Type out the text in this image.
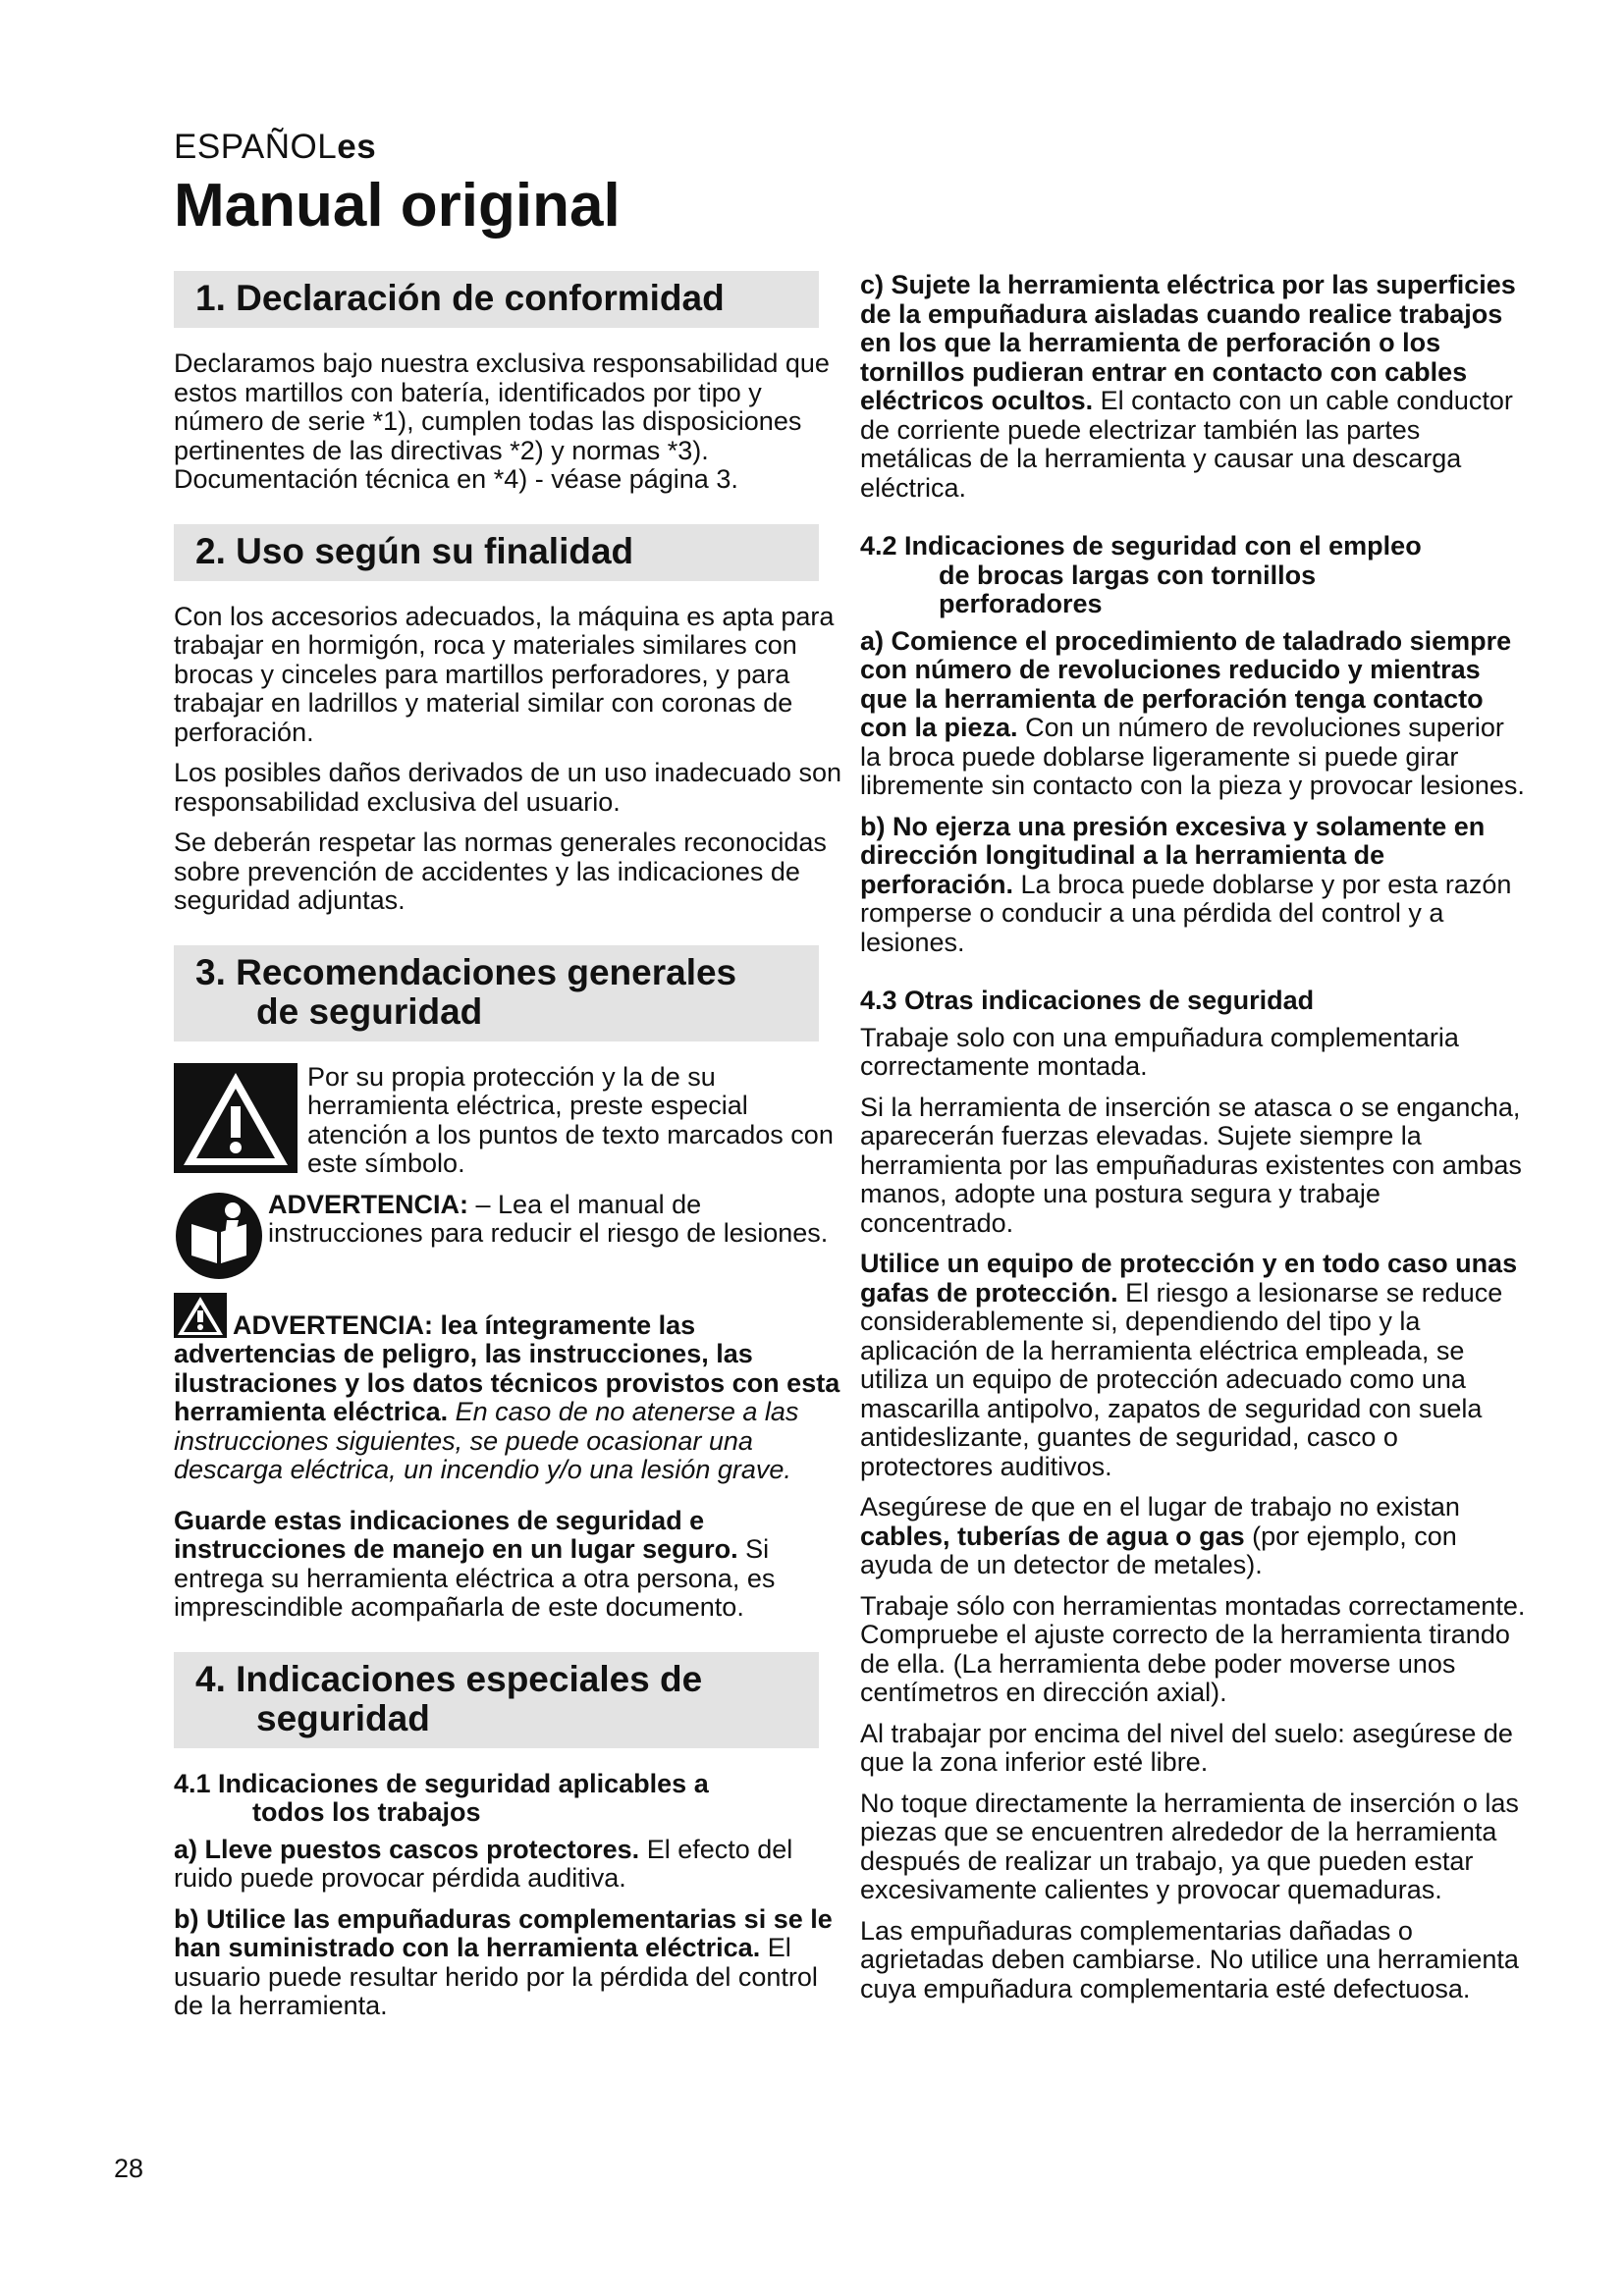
ESPAÑOLes
Manual original
1. Declaración de conformidad

Declaramos bajo nuestra exclusiva responsabilidad que estos martillos con batería, identificados por tipo y número de serie *1), cumplen todas las disposiciones pertinentes de las directivas *2) y normas *3). Documentación técnica en *4) - véase página 3.

2. Uso según su finalidad

Con los accesorios adecuados, la máquina es apta para trabajar en hormigón, roca y materiales similares con brocas y cinceles para martillos perforadores, y para trabajar en ladrillos y material similar con coronas de perforación.

Los posibles daños derivados de un uso inadecuado son responsabilidad exclusiva del usuario.

Se deberán respetar las normas generales reconocidas sobre prevención de accidentes y las indicaciones de seguridad adjuntas.

3. Recomendaciones generales
de seguridad

Por su propia protección y la de su herramienta eléctrica, preste especial atención a los puntos de texto marcados con este símbolo.

ADVERTENCIA: – Lea el manual de instrucciones para reducir el riesgo de lesiones.

ADVERTENCIA: lea íntegramente las advertencias de peligro, las instrucciones, las ilustraciones y los datos técnicos provistos con esta herramienta eléctrica. En caso de no atenerse a las instrucciones siguientes, se puede ocasionar una descarga eléctrica, un incendio y/o una lesión grave.

Guarde estas indicaciones de seguridad e instrucciones de manejo en un lugar seguro. Si entrega su herramienta eléctrica a otra persona, es imprescindible acompañarla de este documento.

4. Indicaciones especiales de
seguridad
4.1 Indicaciones de seguridad aplicables a
todos los trabajos

a) Lleve puestos cascos protectores. El efecto del ruido puede provocar pérdida auditiva.

b) Utilice las empuñaduras complementarias si se le han suministrado con la herramienta eléctrica. El usuario puede resultar herido por la pérdida del control de la herramienta.

c) Sujete la herramienta eléctrica por las superficies de la empuñadura aisladas cuando realice trabajos en los que la herramienta de perforación o los tornillos pudieran entrar en contacto con cables eléctricos ocultos. El contacto con un cable conductor de corriente puede electrizar también las partes metálicas de la herramienta y causar una descarga eléctrica.

4.2 Indicaciones de seguridad con el empleo
de brocas largas con tornillos
perforadores

a) Comience el procedimiento de taladrado siempre con número de revoluciones reducido y mientras que la herramienta de perforación tenga contacto con la pieza. Con un número de revoluciones superior la broca puede doblarse ligeramente si puede girar libremente sin contacto con la pieza y provocar lesiones.

b) No ejerza una presión excesiva y solamente en dirección longitudinal a la herramienta de perforación. La broca puede doblarse y por esta razón romperse o conducir a una pérdida del control y a lesiones.

4.3 Otras indicaciones de seguridad

Trabaje solo con una empuñadura complementaria correctamente montada.

Si la herramienta de inserción se atasca o se engancha, aparecerán fuerzas elevadas. Sujete siempre la herramienta por las empuñaduras existentes con ambas manos, adopte una postura segura y trabaje concentrado.

Utilice un equipo de protección y en todo caso unas gafas de protección. El riesgo a lesionarse se reduce considerablemente si, dependiendo del tipo y la aplicación de la herramienta eléctrica empleada, se utiliza un equipo de protección adecuado como una mascarilla antipolvo, zapatos de seguridad con suela antideslizante, guantes de seguridad, casco o protectores auditivos.

Asegúrese de que en el lugar de trabajo no existan cables, tuberías de agua o gas (por ejemplo, con ayuda de un detector de metales).

Trabaje sólo con herramientas montadas correctamente. Compruebe el ajuste correcto de la herramienta tirando de ella. (La herramienta debe poder moverse unos centímetros en dirección axial).

Al trabajar por encima del nivel del suelo: asegúrese de que la zona inferior esté libre.

No toque directamente la herramienta de inserción o las piezas que se encuentren alrededor de la herramienta después de realizar un trabajo, ya que pueden estar excesivamente calientes y provocar quemaduras.

Las empuñaduras complementarias dañadas o agrietadas deben cambiarse. No utilice una herramienta cuya empuñadura complementaria esté defectuosa.

28
